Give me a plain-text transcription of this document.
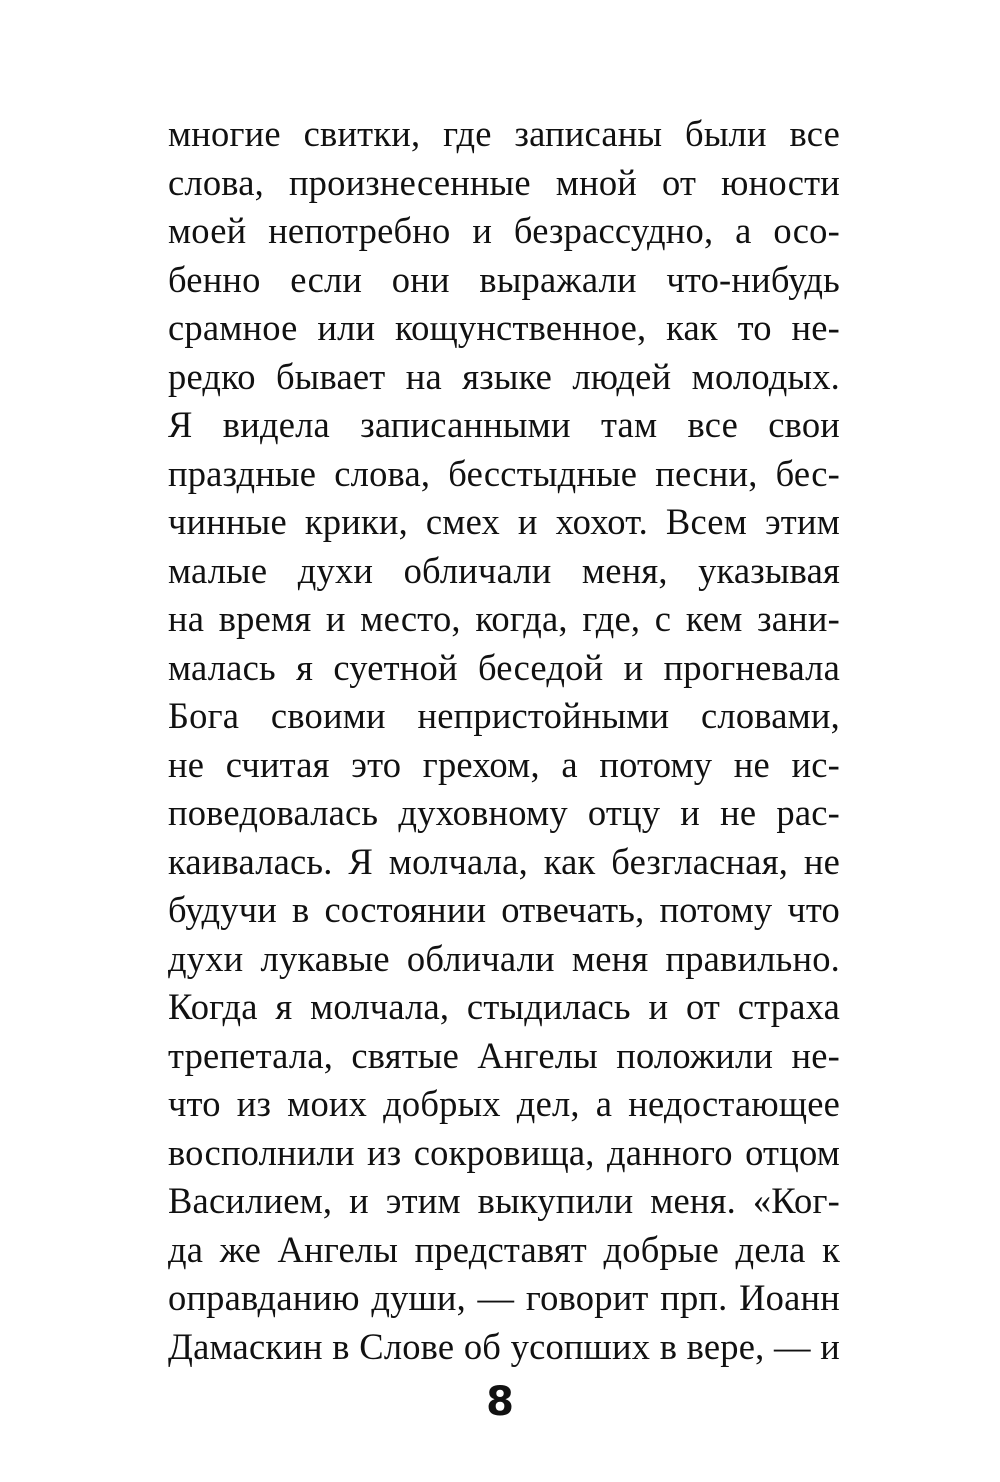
многие свитки, где записаны были все
слова, произнесенные мной от юности
моей непотребно и безрассудно, а осо-
бенно если они выражали что-нибудь
срамное или кощунственное, как то не-
редко бывает на языке людей молодых.
Я видела записанными там все свои
праздные слова, бесстыдные песни, бес-
чинные крики, смех и хохот. Всем этим
малые духи обличали меня, указывая
на время и место, когда, где, с кем зани-
малась я суетной беседой и прогневала
Бога своими непристойными словами,
не считая это грехом, а потому не ис-
поведовалась духовному отцу и не рас-
каивалась. Я молчала, как безгласная, не
будучи в состоянии отвечать, потому что
духи лукавые обличали меня правильно.
Когда я молчала, стыдилась и от страха
трепетала, святые Ангелы положили не-
что из моих добрых дел, а недостающее
восполнили из сокровища, данного отцом
Василием, и этим выкупили меня. «Ког-
да же Ангелы представят добрые дела к
оправданию души, — говорит прп. Иоанн
Дамаскин в Слове об усопших в вере, — и
8
